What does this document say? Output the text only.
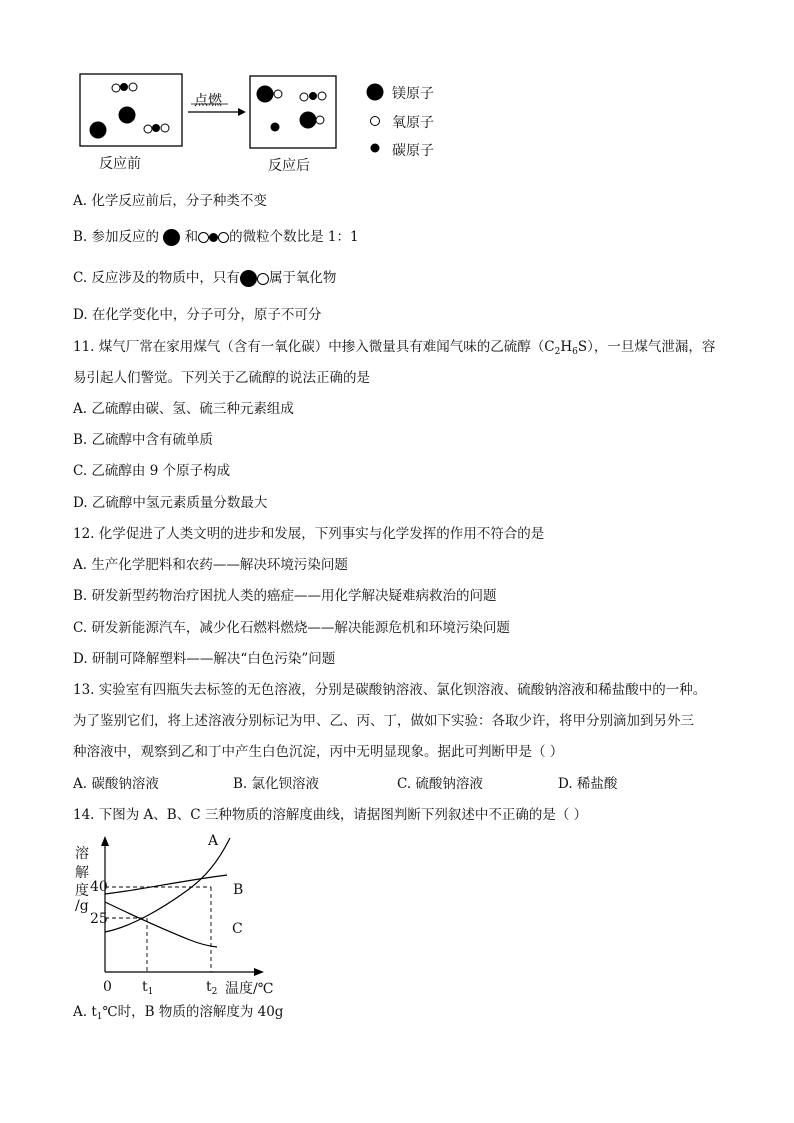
点燃
反应前	反应后
镁原子
氧原子
碳原子
A. 化学反应前后，分子种类不变
B. 参加反应的 和 的微粒个数比是 1：1
C. 反应涉及的物质中，只有 属于氧化物
D. 在化学变化中，分子可分，原子不可分
11. 煤气厂常在家用煤气（含有一氧化碳）中掺入微量具有难闻气味的乙硫醇$(C_2H_6S)$，一旦煤气泄漏，容
易引起人们警觉。下列关于乙硫醇的说法正确的是
A. 乙硫醇由碳、氢、硫三种元素组成
B. 乙硫醇中含有硫单质
C. 乙硫醇由 9 个原子构成
D. 乙硫醇中氢元素质量分数最大
12. 化学促进了人类文明的进步和发展，下列事实与化学发挥的作用不符合的是
A. 生产化学肥料和农药——解决环境污染问题
B. 研发新型药物治疗困扰人类的癌症——用化学解决疑难病救治的问题
C. 研发新能源汽车，减少化石燃料燃烧——解决能源危机和环境污染问题
D. 研制可降解塑料——解决“白色污染”问题
13. 实验室有四瓶失去标签的无色溶液，分别是碳酸钠溶液、氯化钡溶液、硫酸钠溶液和稀盐酸中的一种。
为了鉴别它们，将上述溶液分别标记为甲、乙、丙、丁，做如下实验：各取少许，将甲分别滴加到另外三
种溶液中，观察到乙和丁中产生白色沉淀，丙中无明显现象。据此可判断甲是（ ）
A. 碳酸钠溶液	B. 氯化钡溶液	C. 硫酸钠溶液	D. 稀盐酸
14. 下图为 A、B、C 三种物质的溶解度曲线，请据图判断下列叙述中不正确的是（ ）
溶
解
度
/g
40
25
0 $t_1$	$t_2$ 温度/℃
A
B
C
A. $t_1℃$时，B 物质的溶解度为 40g
